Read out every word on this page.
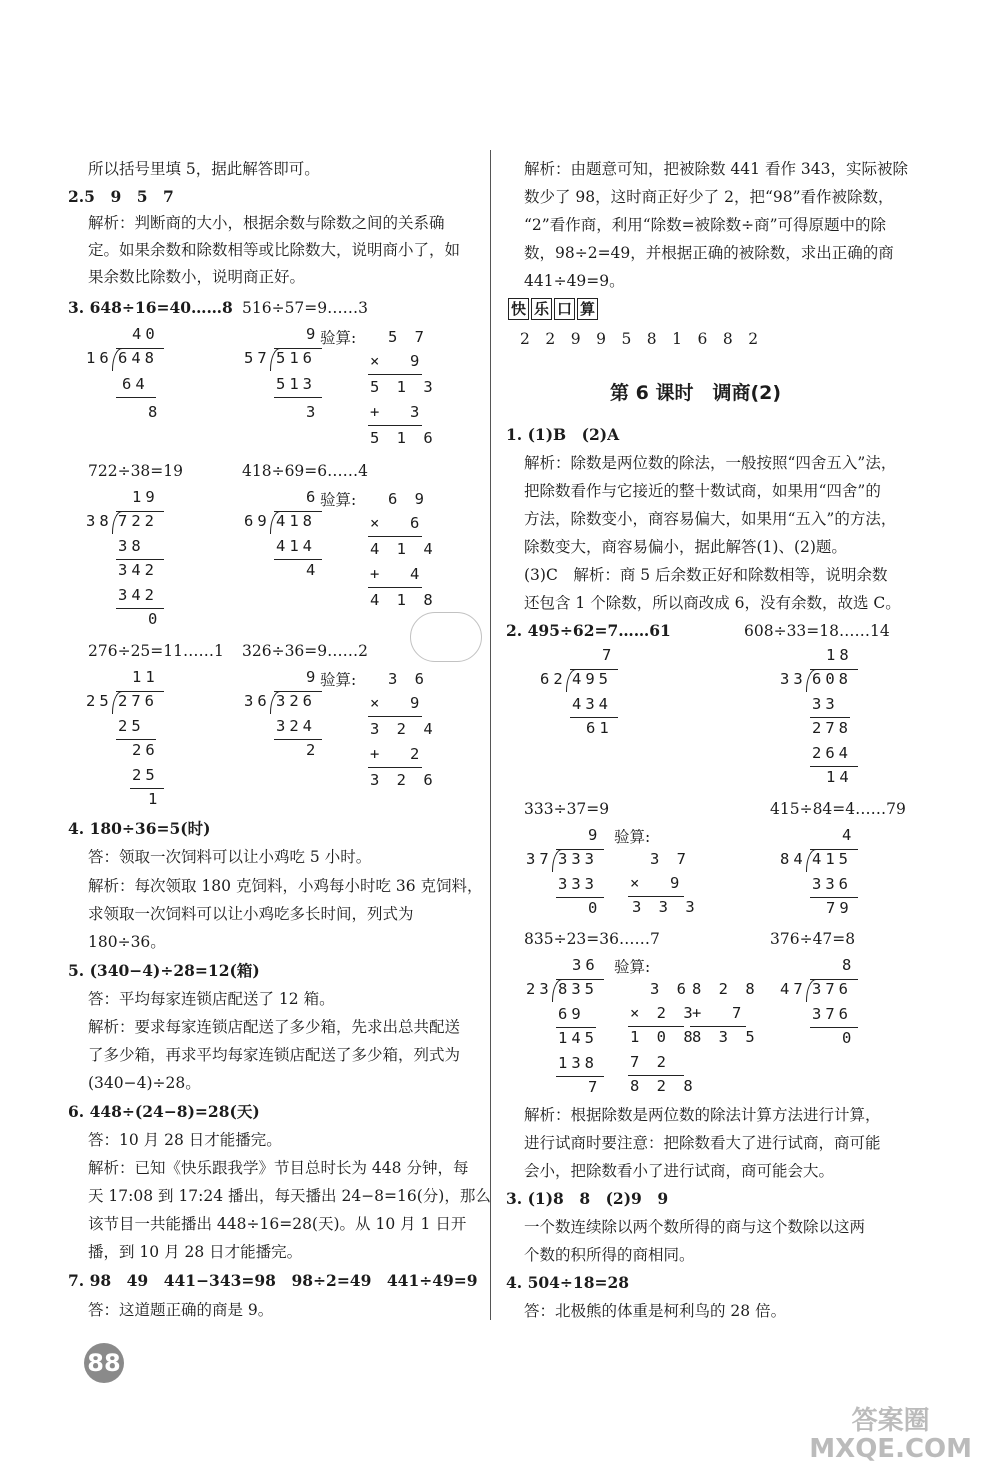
所以括号里填 5，据此解答即可。
2.5　9　5　7
解析：判断商的大小，根据余数与除数之间的关系确
定。如果余数和除数相等或比除数大，说明商小了，如
果余数比除数小，说明商正好。
3. 648÷16=40……8 516÷57=9……3
40
16 648
64
8
9
57 516
513
3
验算: 5 7
×  9
5 1 3
+  3
5 1 6
722÷38=19	418÷69=6……4
19
38 722
38
342
342
0
6
69 418
414
4
验算: 6 9
×  6
4 1 4
+  4
4 1 8
276÷25=11……1 326÷36=9……2
11
25 276
25
26
25
1
9
36 326
324
2
验算: 3 6
×  9
3 2 4
+  2
3 2 6
4. 180÷36=5(时)
答：领取一次饲料可以让小鸡吃 5 小时。
解析：每次领取 180 克饲料，小鸡每小时吃 36 克饲料，
求领取一次饲料可以让小鸡吃多长时间，列式为
180÷36。
5. (340−4)÷28=12(箱)
答：平均每家连锁店配送了 12 箱。
解析：要求每家连锁店配送了多少箱，先求出总共配送
了多少箱，再求平均每家连锁店配送了多少箱，列式为
(340−4)÷28。
6. 448÷(24−8)=28(天)
答：10 月 28 日才能播完。
解析：已知《快乐跟我学》节目总时长为 448 分钟，每
天 17:08 到 17:24 播出，每天播出 24−8=16(分)，那么
该节目一共能播出 448÷16=28(天)。从 10 月 1 日开
播，到 10 月 28 日才能播完。
7. 98　49　441−343=98　98÷2=49　441÷49=9
答：这道题正确的商是 9。
88
解析：由题意可知，把被除数 441 看作 343，实际被除
数少了 98，这时商正好少了 2，把“98”看作被除数，
“2”看作商，利用“除数=被除数÷商”可得原题中的除
数，98÷2=49，并根据正确的被除数，求出正确的商
441÷49=9。
快 乐 口 算
2　2　9　9　5　8　1　6　8　2
第 6 课时　调商(2)
1. (1)B　(2)A
解析：除数是两位数的除法，一般按照“四舍五入”法，
把除数看作与它接近的整十数试商，如果用“四舍”的
方法，除数变小，商容易偏大，如果用“五入”的方法，
除数变大，商容易偏小，据此解答(1)、(2)题。
(3)C　解析：商 5 后余数正好和除数相等，说明余数
还包含 1 个除数，所以商改成 6，没有余数，故选 C。
2. 495÷62=7……61	608÷33=18……14
7
62 495
434
61
18
33 608
33
278
264
14
333÷37=9	415÷84=4……79
9
37 333
333
0
验算:
3 7
×  9
3 3 3
4
84 415
336
79
835÷23=36……7	376÷47=8
36
23 835
69
145
138
7
验算:
3 6
× 2 3
1 0 8
7 2
8 2 8
8 2 8
+  7
8 3 5
8
47 376
376
0
解析：根据除数是两位数的除法计算方法进行计算，
进行试商时要注意：把除数看大了进行试商，商可能
会小，把除数看小了进行试商，商可能会大。
3. (1)8　8　(2)9　9
一个数连续除以两个数所得的商与这个数除以这两
个数的积所得的商相同。
4. 504÷18=28
答：北极熊的体重是柯利鸟的 28 倍。
答案圈
MXQE.COM
